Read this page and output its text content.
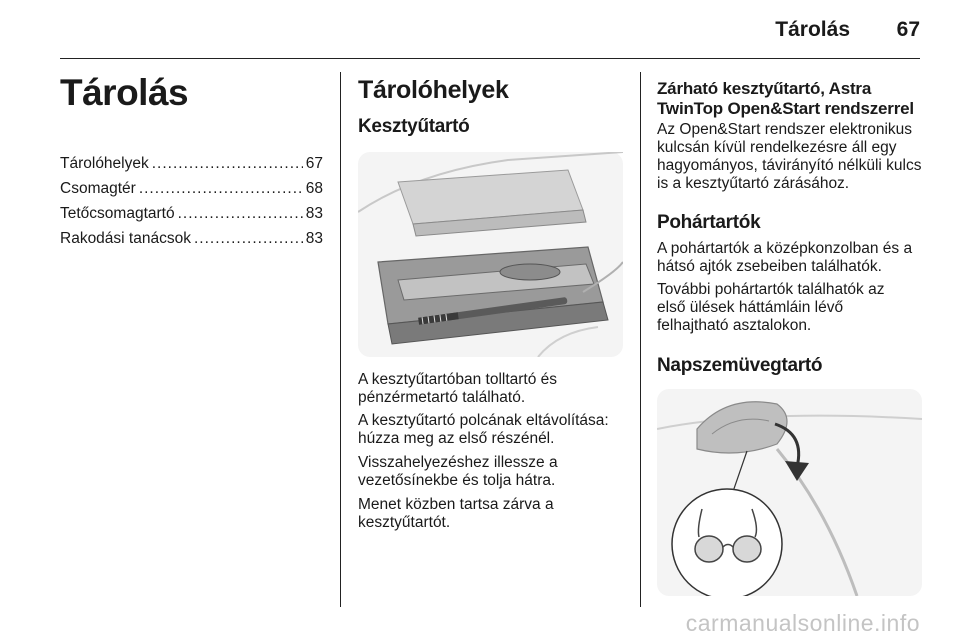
Tárolás	67
Tárolás
Tárolóhelyek .....	67
Csomagtér .....	68
Tetőcsomagtartó .....	83
Rakodási tanácsok .....	83
Tárolóhelyek
Kesztyűtartó
A kesztyűtartóban tolltartó és pénzérmetartó található.
A kesztyűtartó polcának eltávolítása: húzza meg az első részénél.
Visszahelyezéshez illessze a vezetősínekbe és tolja hátra.
Menet közben tartsa zárva a kesztyűtartót.
Zárható kesztyűtartó, Astra TwinTop Open&Start rendszerrel
Az Open&Start rendszer elektronikus kulcsán kívül rendelkezésre áll egy hagyományos, távirányító nélküli kulcs is a kesztyűtartó zárásához.
Pohártartók
A pohártartók a középkonzolban és a hátsó ajtók zsebeiben találhatók.
További pohártartók találhatók az első ülések háttámláin lévő felhajtható asztalokon.
Napszemüvegtartó
carmanualsonline.info
